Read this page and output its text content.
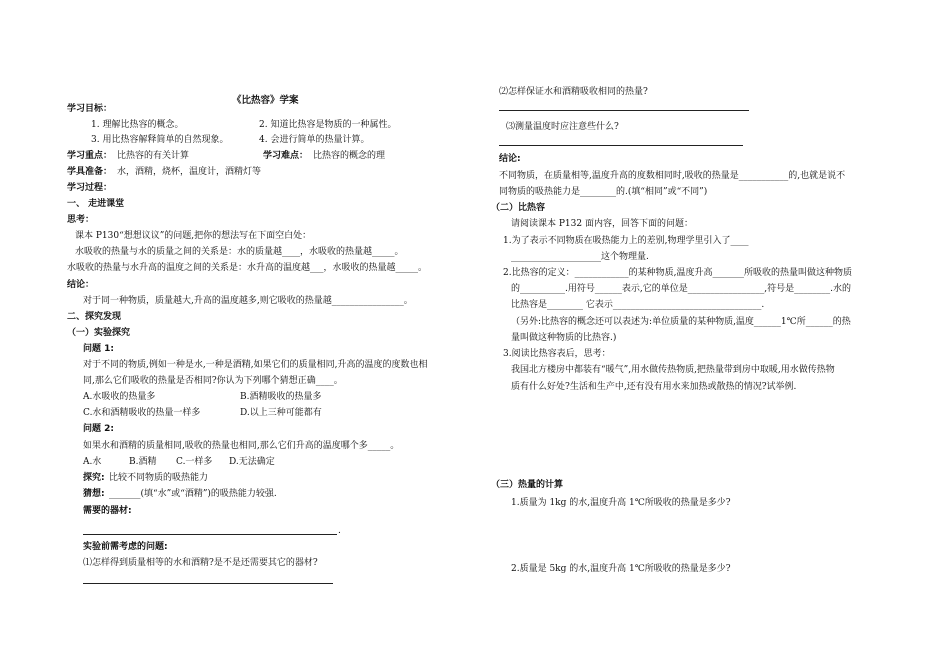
《比热容》学案
学习目标：
1. 理解比热容的概念。	2. 知道比热容是物质的一种属性。
3. 用比热容解释简单的自然现象。	4. 会进行简单的热量计算。
学习重点： 比热容的有关计算	学习难点： 比热容的概念的理
学具准备： 水，酒精，烧杯，温度计，酒精灯等
学习过程：
一、 走进课堂
思考：
课本 P130“想想议议”的问题,把你的想法写在下面空白处：
水吸收的热量与水的质量之间的关系是：水的质量越____，水吸收的热量越_____。
水吸收的热量与水升高的温度之间的关系是：水升高的温度越___，水吸收的热量越_____。
结论：
对于同一种物质，质量越大,升高的温度越多,则它吸收的热量越________________。
二、探究发现
（一）实验探究
问题 1:
对于不同的物质,例如一种是水,一种是酒精,如果它们的质量相同,升高的温度的度数也相
同,那么它们吸收的热量是否相同?你认为下列哪个猜想正确____。
A.水吸收的热量多	B.酒精吸收的热量多
C.水和酒精吸收的热量一样多	D.以上三种可能都有
问题 2:
如果水和酒精的质量相同,吸收的热量也相同,那么它们升高的温度哪个多_____。
A.水	B.酒精 C.一样多 D.无法确定
探究: 比较不同物质的吸热能力
猜想: _______(填“水”或“酒精”)的吸热能力较强.
需要的器材:
.
实验前需考虑的问题:
⑴怎样得到质量相等的水和酒精?是不是还需要其它的器材?
⑵怎样保证水和酒精吸收相同的热量?
⑶测量温度时应注意些什么?
结论:
不同物质，在质量相等,温度升高的度数相同时,吸收的热量是___________的,也就是说不
同物质的吸热能力是________的.(填“相同”或“不同”)
（二）比热容
请阅读课本 P132 面内容，回答下面的问题：
1.为了表示不同物质在吸热能力上的差别,物理学里引入了____
____________________这个物理量.
2.比热容的定义：____________的某种物质,温度升高_______所吸收的热量叫做这种物质
的__________.用符号______表示,它的单位是_________________,符号是________.水的
比热容是________ 它表示_________________________________.
（另外:比热容的概念还可以表述为:单位质量的某种物质,温度______1℃所______的热
量叫做这种物质的比热容.)
3.阅读比热容表后，思考：
我国北方楼房中都装有“暖气”,用水做传热物质,把热量带到房中取暖,用水做传热物
质有什么好处?生活和生产中,还有没有用水来加热或散热的情况?试举例.
（三）热量的计算
1.质量为 1kg 的水,温度升高 1℃所吸收的热量是多少?
2.质量是 5kg 的水,温度升高 1℃所吸收的热量是多少?
